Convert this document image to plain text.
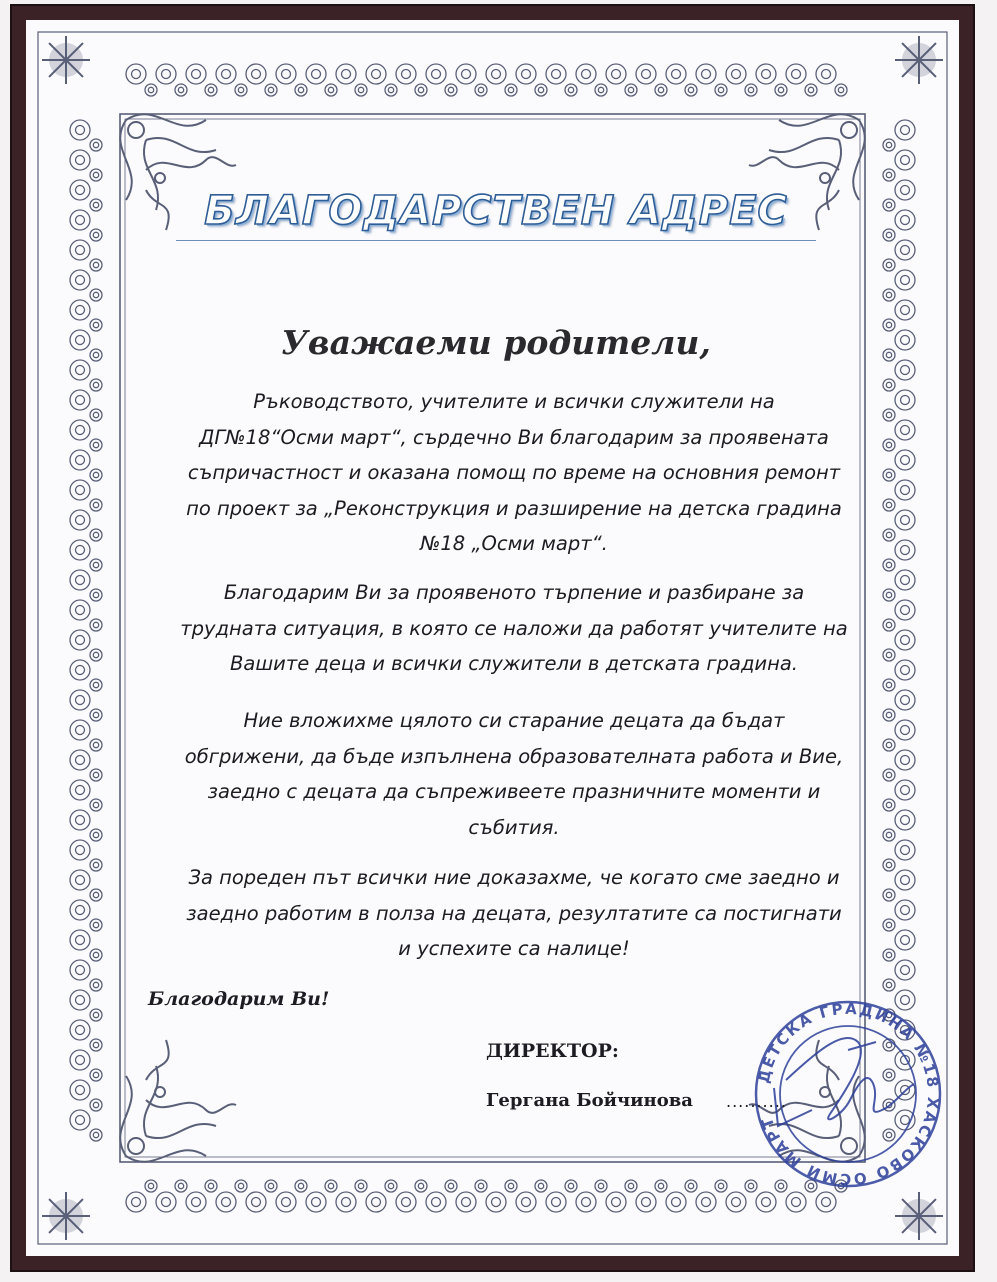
БЛАГОДАРСТВЕН АДРЕС
Уважаеми родители,

Ръководството, учителите и всички служители на
ДГ№18“Осми март“, сърдечно Ви благодарим за проявената
съпричастност и оказана помощ по време на основния ремонт
по проект за „Реконструкция и разширение на детска градина
№18 „Осми март“.

Благодарим Ви за проявеното търпение и разбиране за
трудната ситуация, в която се наложи да работят учителите на
Вашите деца и всички служители в детската градина.

Ние вложихме цялото си старание децата да бъдат
обгрижени, да бъде изпълнена образователната работа и Вие,
заедно с децата да съпреживеете празничните моменти и
събития.

За пореден път всички ние доказахме, че когато сме заедно и
заедно работим в полза на децата, резултатите са постигнати
и успехите са налице!

Благодарим Ви!

ДИРЕКТОР:

Гергана Бойчинова ..........
ДЕТСКА ГРАДИНА №18 ХАСКОВО ОСМИ МАРТ
